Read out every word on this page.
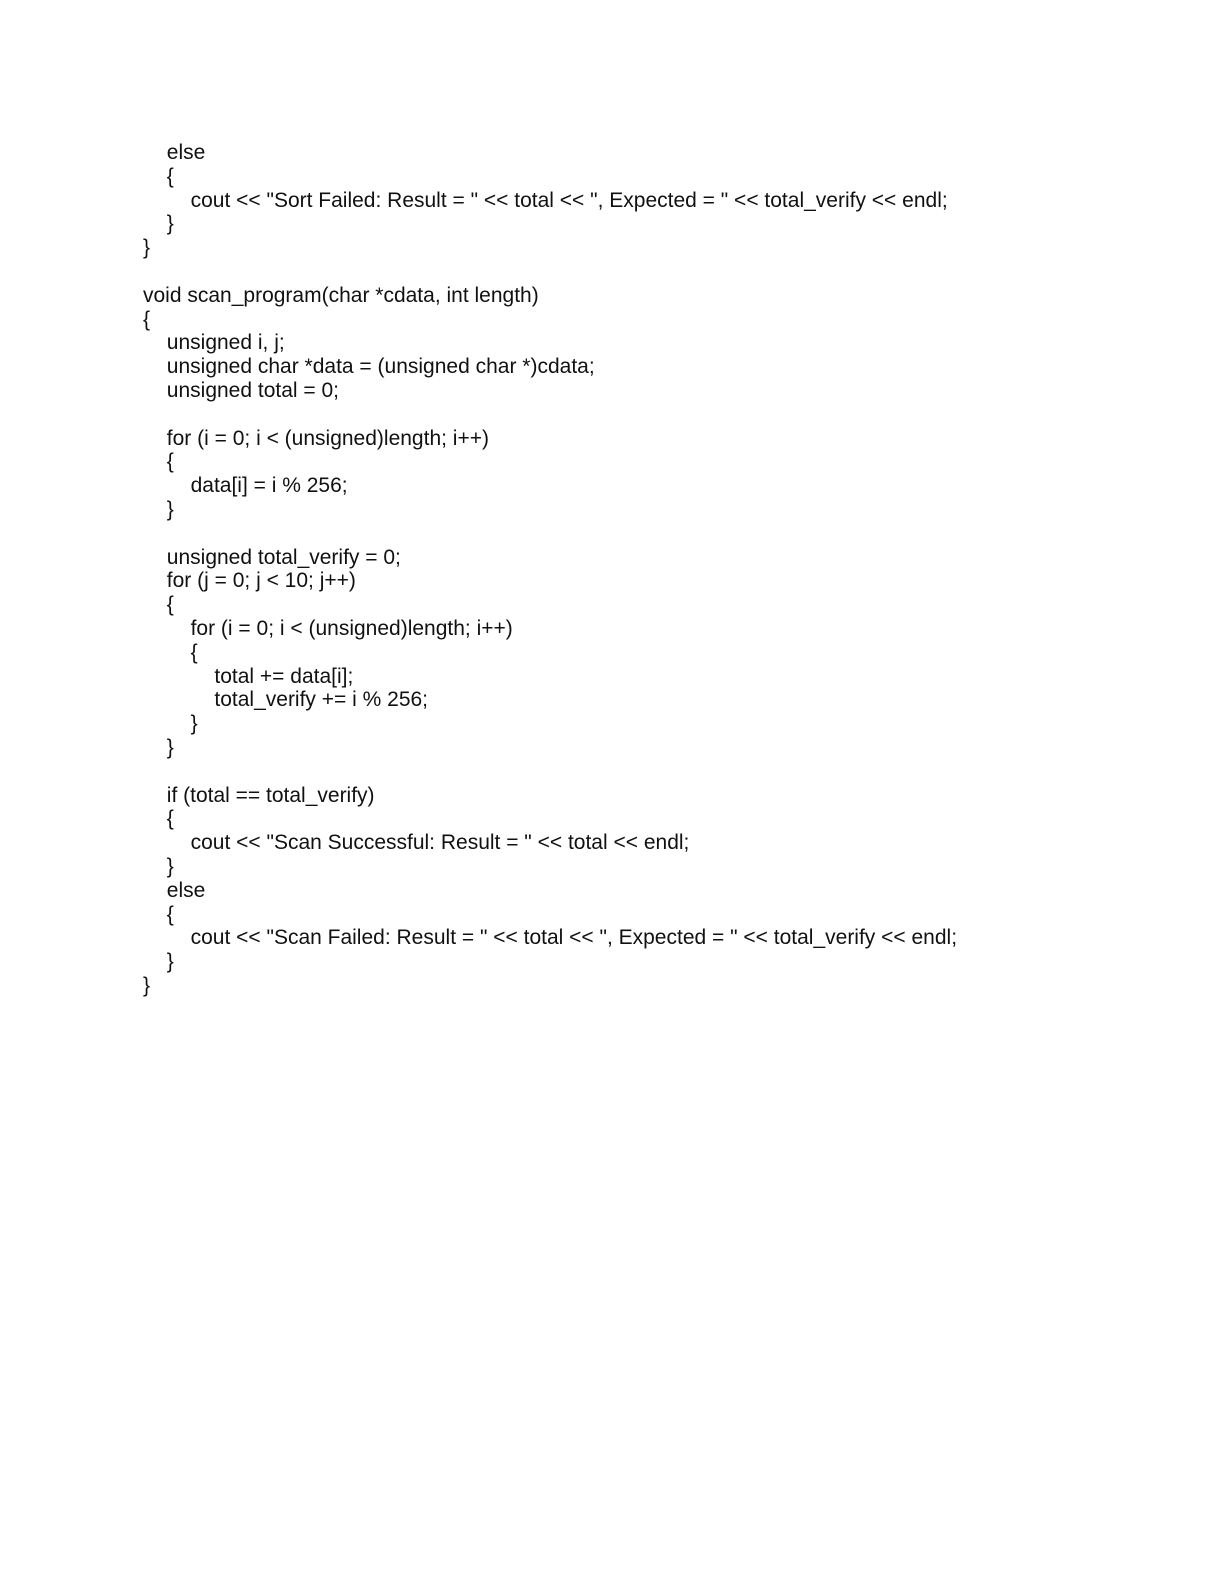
else
{
cout << "Sort Failed: Result = " << total << ", Expected = " << total_verify << endl;
}
}
void scan_program(char *cdata, int length)
{
unsigned i, j;
unsigned char *data = (unsigned char *)cdata;
unsigned total = 0;
for (i = 0; i < (unsigned)length; i++)
{
data[i] = i % 256;
}
unsigned total_verify = 0;
for (j = 0; j < 10; j++)
{
for (i = 0; i < (unsigned)length; i++)
{
total += data[i];
total_verify += i % 256;
}
}
if (total == total_verify)
{
cout << "Scan Successful: Result = " << total << endl;
}
else
{
cout << "Scan Failed: Result = " << total << ", Expected = " << total_verify << endl;
}
}
